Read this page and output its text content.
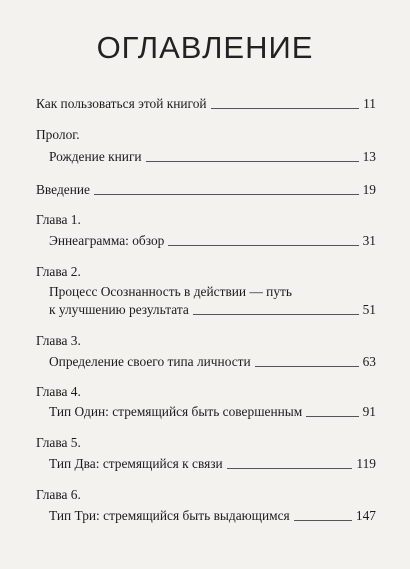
ОГЛАВЛЕНИЕ
Как пользоваться этой книгой	11
Пролог.
Рождение книги	13
Введение	19
Глава 1.
Эннеаграмма: обзор	31
Глава 2.
Процесс Осознанность в действии — путь
к улучшению результата	51
Глава 3.
Определение своего типа личности	63
Глава 4.
Тип Один: стремящийся быть совершенным	91
Глава 5.
Тип Два: стремящийся к связи	119
Глава 6.
Тип Три: стремящийся быть выдающимся	147
